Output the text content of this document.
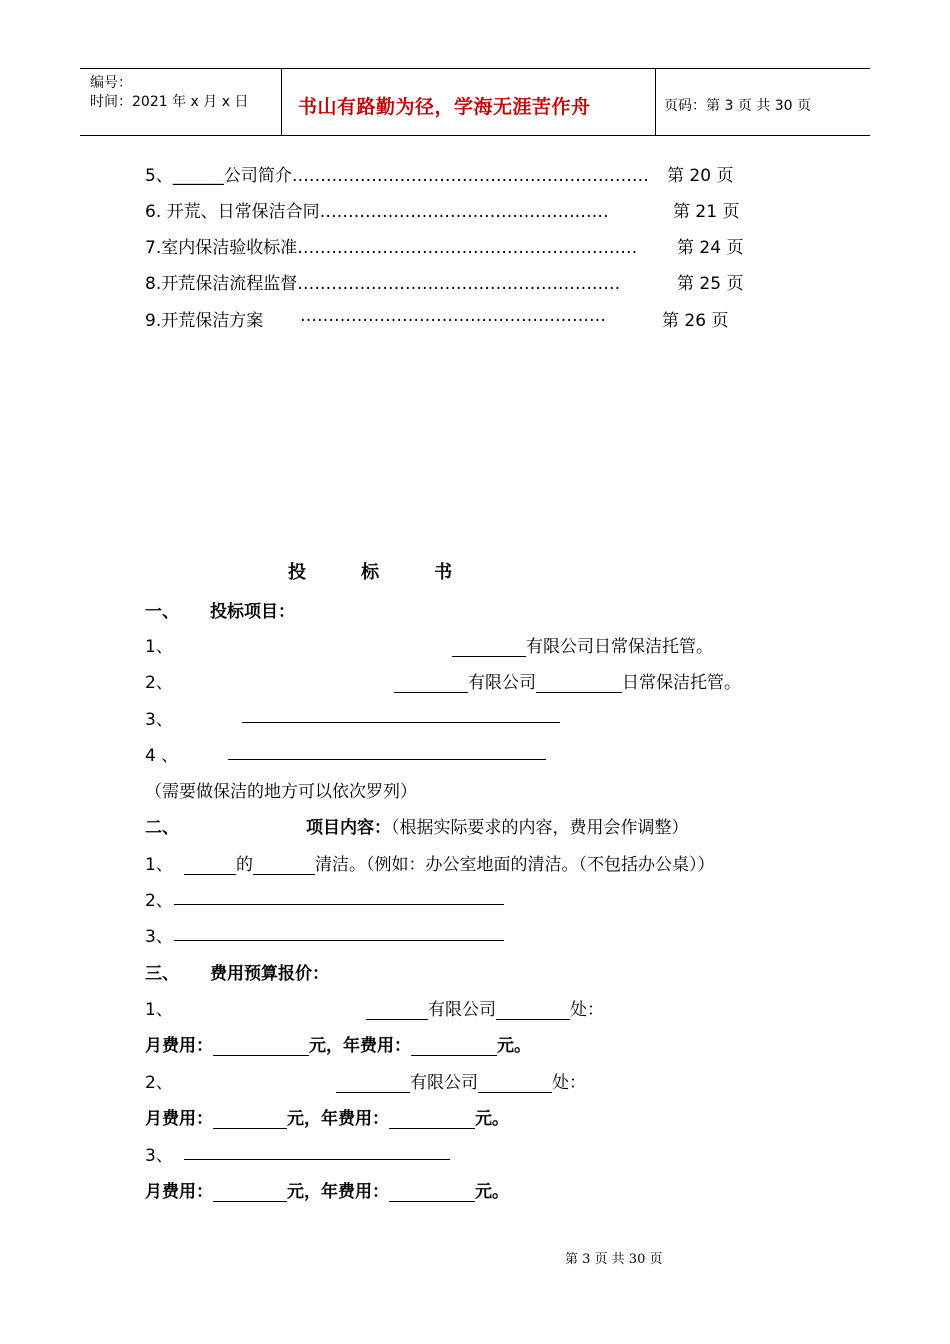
编号：
时间：2021 年 x 月 x 日	书山有路勤为径，学海无涯苦作舟	页码：第 3 页 共 30 页
5、______公司简介……………………………………………………… 第 20 页
6. 开荒、日常保洁合同……………………………………………	第 21 页
7.室内保洁验收标准…………………………………………………… 第 24 页
8.开荒保洁流程监督…………………………………………………	第 25 页
9.开荒保洁方案 ………………………………………………	第 26 页
投    标    书
一、 投标项目：
1、	有限公司日常保洁托管。
2、	有限公司	日常保洁托管。
3、
4 、
（需要做保洁的地方可以依次罗列）
二、	项目内容：（根据实际要求的内容，费用会作调整）
1、	的	清洁。（例如：办公室地面的清洁。（不包括办公桌））
2、
3、
三、 费用预算报价：
1、	有限公司	处：
月费用：	元，年费用：	元。
2、	有限公司	处：
月费用：	元，年费用：	元。
3、
月费用：	元，年费用：	元。
第 3 页 共 30 页
